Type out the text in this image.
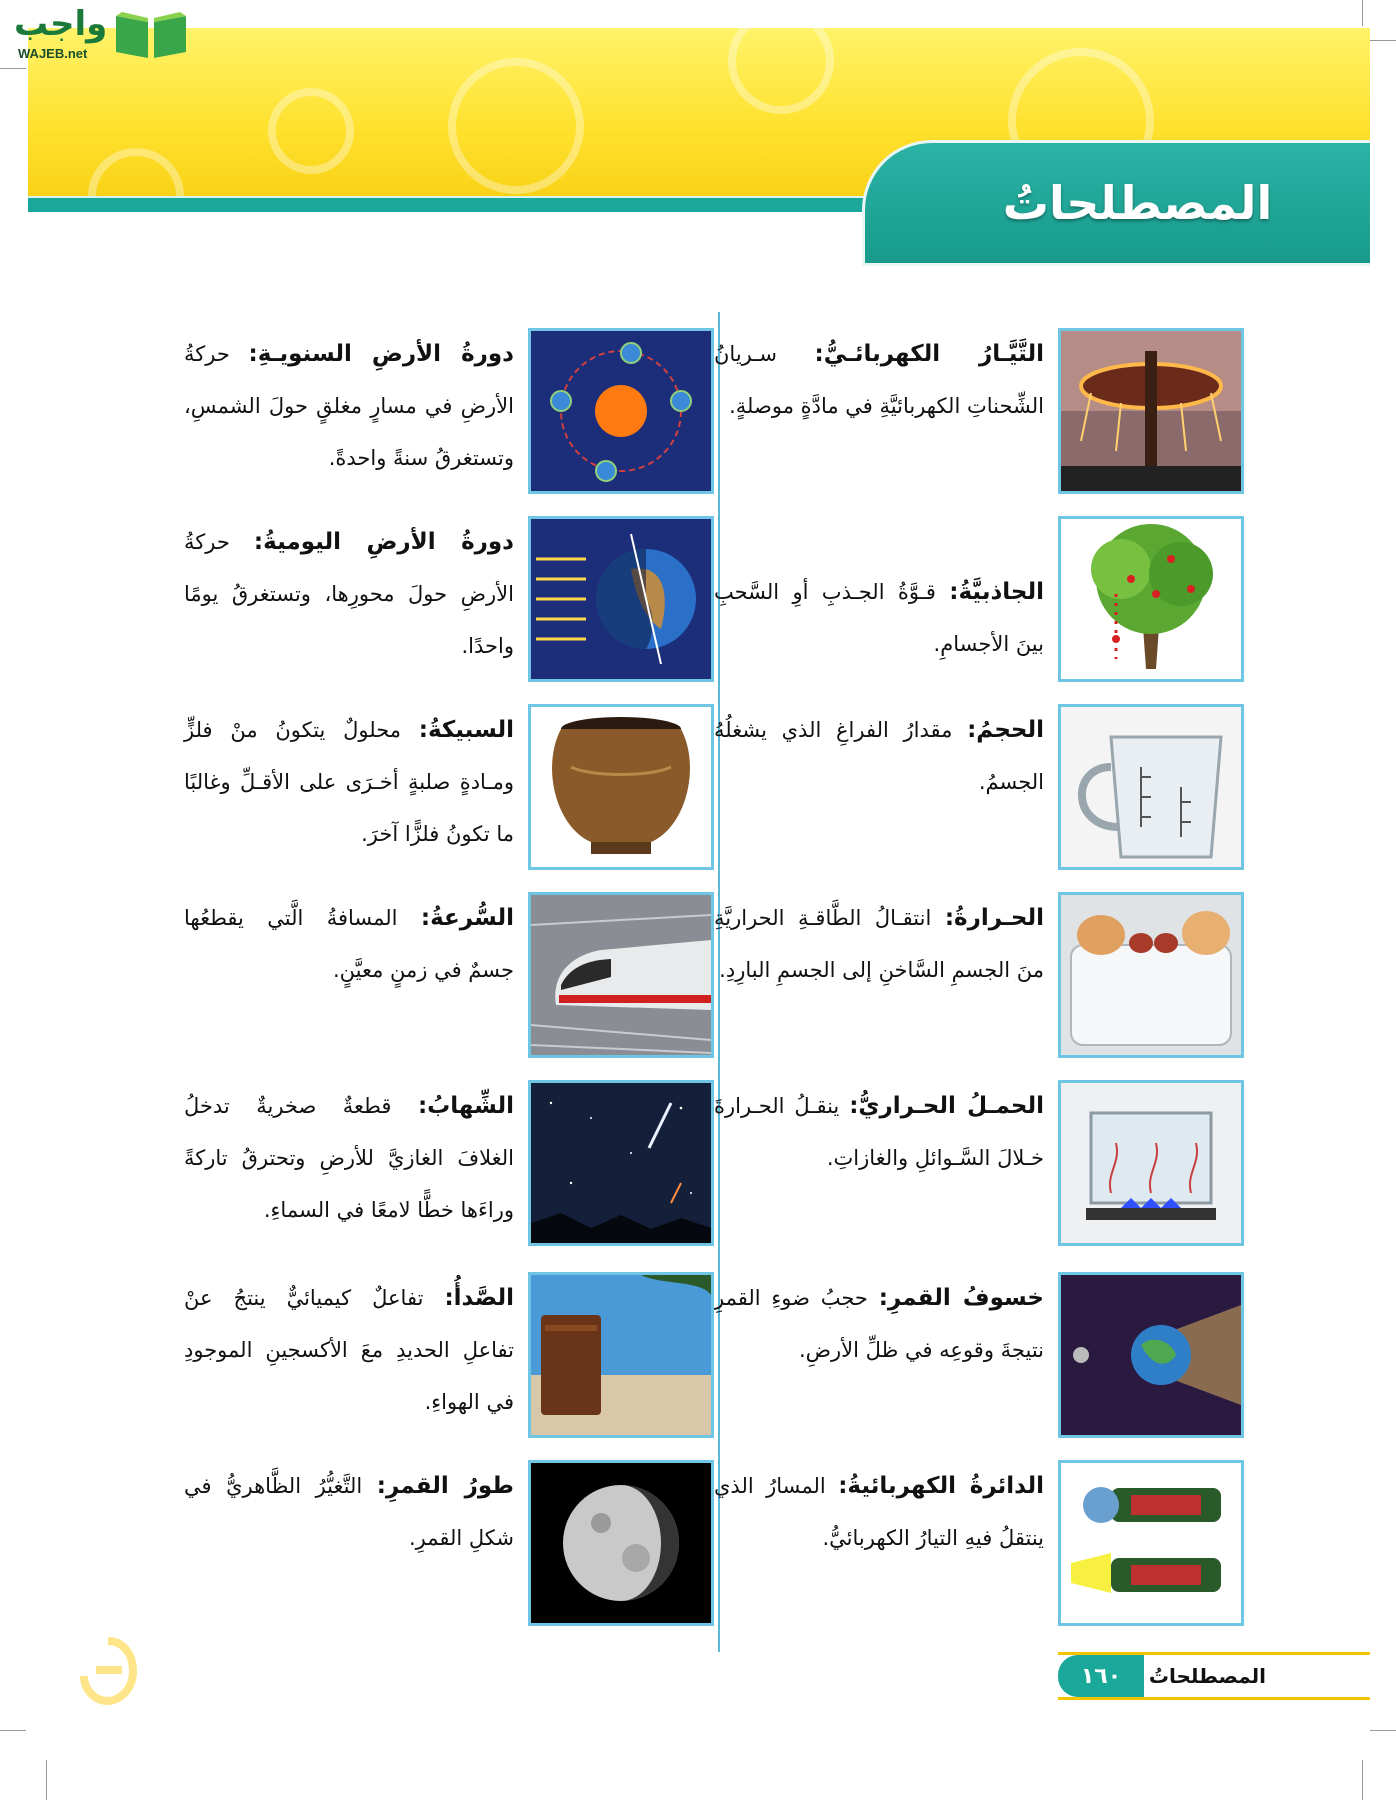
المصطلحاتُ
واجب
WAJEB.net
التَّيَّـارُ الكهربائـيُّ: سـريانُ الشِّحناتِ الكهربائيَّةِ في مادَّةٍ موصلةٍ.
الجاذبيَّةُ: قـوَّةُ الجـذبِ أوِ السَّحبِ بينَ الأجسامِ.
الحجمُ: مقدارُ الفراغِ الذي يشغلُهُ الجسمُ.
الحـرارةُ: انتقـالُ الطَّاقـةِ الحراريَّةِ منَ الجسمِ السَّاخنِ إلى الجسمِ البارِدِ.
الحمـلُ الحـراريُّ: ينقـلُ الحـرارةَ خـلالَ السَّـوائلِ والغازاتِ.
خسوفُ القمرِ: حجبُ ضوءِ القمرِ نتيجةَ وقوعِه في ظلِّ الأرضِ.
الدائرةُ الكهربائيةُ: المسارُ الذي ينتقلُ فيهِ التيارُ الكهربائيُّ.
دورةُ الأرضِ السنويـةِ: حركةُ الأرضِ في مسارٍ مغلقٍ حولَ الشمسِ، وتستغرقُ سنةً واحدةً.
دورةُ الأرضِ اليوميةُ: حركةُ الأرضِ حولَ محورِها، وتستغرقُ يومًا واحدًا.
السبيكةُ: محلولٌ يتكونُ منْ فلزٍّ ومـادةٍ صلبةٍ أخـرَى على الأقـلِّ وغالبًا ما تكونُ فلزًّا آخرَ.
السُّرعةُ: المسافةُ الَّتي يقطعُها جسمٌ في زمنٍ معيَّنٍ.
الشِّهابُ: قطعةٌ صخريةٌ تدخلُ الغلافَ الغازيَّ للأرضِ وتحترقُ تاركةً وراءَها خطًّا لامعًا في السماءِ.
الصَّدأُ: تفاعلٌ كيميائيٌّ ينتجُ عنْ تفاعلِ الحديدِ معَ الأكسجينِ الموجودِ في الهواءِ.
طورُ القمرِ: التَّغيُّرُ الظَّاهريُّ في شكلِ القمرِ.
المصطلحاتُ
١٦٠
